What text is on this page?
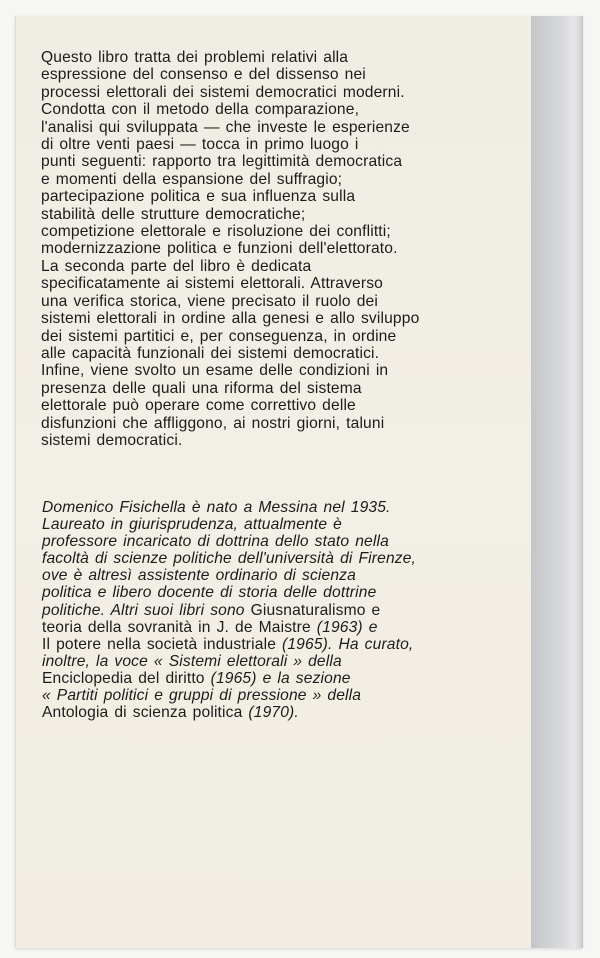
Questo libro tratta dei problemi relativi alla
espressione del consenso e del dissenso nei
processi elettorali dei sistemi democratici moderni.
Condotta con il metodo della comparazione,
l'analisi qui sviluppata — che investe le esperienze
di oltre venti paesi — tocca in primo luogo i
punti seguenti: rapporto tra legittimità democratica
e momenti della espansione del suffragio;
partecipazione politica e sua influenza sulla
stabilità delle strutture democratiche;
competizione elettorale e risoluzione dei conflitti;
modernizzazione politica e funzioni dell'elettorato.
La seconda parte del libro è dedicata
specificatamente ai sistemi elettorali. Attraverso
una verifica storica, viene precisato il ruolo dei
sistemi elettorali in ordine alla genesi e allo sviluppo
dei sistemi partitici e, per conseguenza, in ordine
alle capacità funzionali dei sistemi democratici.
Infine, viene svolto un esame delle condizioni in
presenza delle quali una riforma del sistema
elettorale può operare come correttivo delle
disfunzioni che affliggono, ai nostri giorni, taluni
sistemi democratici.
Domenico Fisichella è nato a Messina nel 1935.
Laureato in giurisprudenza, attualmente è
professore incaricato di dottrina dello stato nella
facoltà di scienze politiche dell'università di Firenze,
ove è altresì assistente ordinario di scienza
politica e libero docente di storia delle dottrine
politiche. Altri suoi libri sono Giusnaturalismo e
teoria della sovranità in J. de Maistre (1963) e
Il potere nella società industriale (1965). Ha curato,
inoltre, la voce « Sistemi elettorali » della
Enciclopedia del diritto (1965) e la sezione
« Partiti politici e gruppi di pressione » della
Antologia di scienza politica (1970).
